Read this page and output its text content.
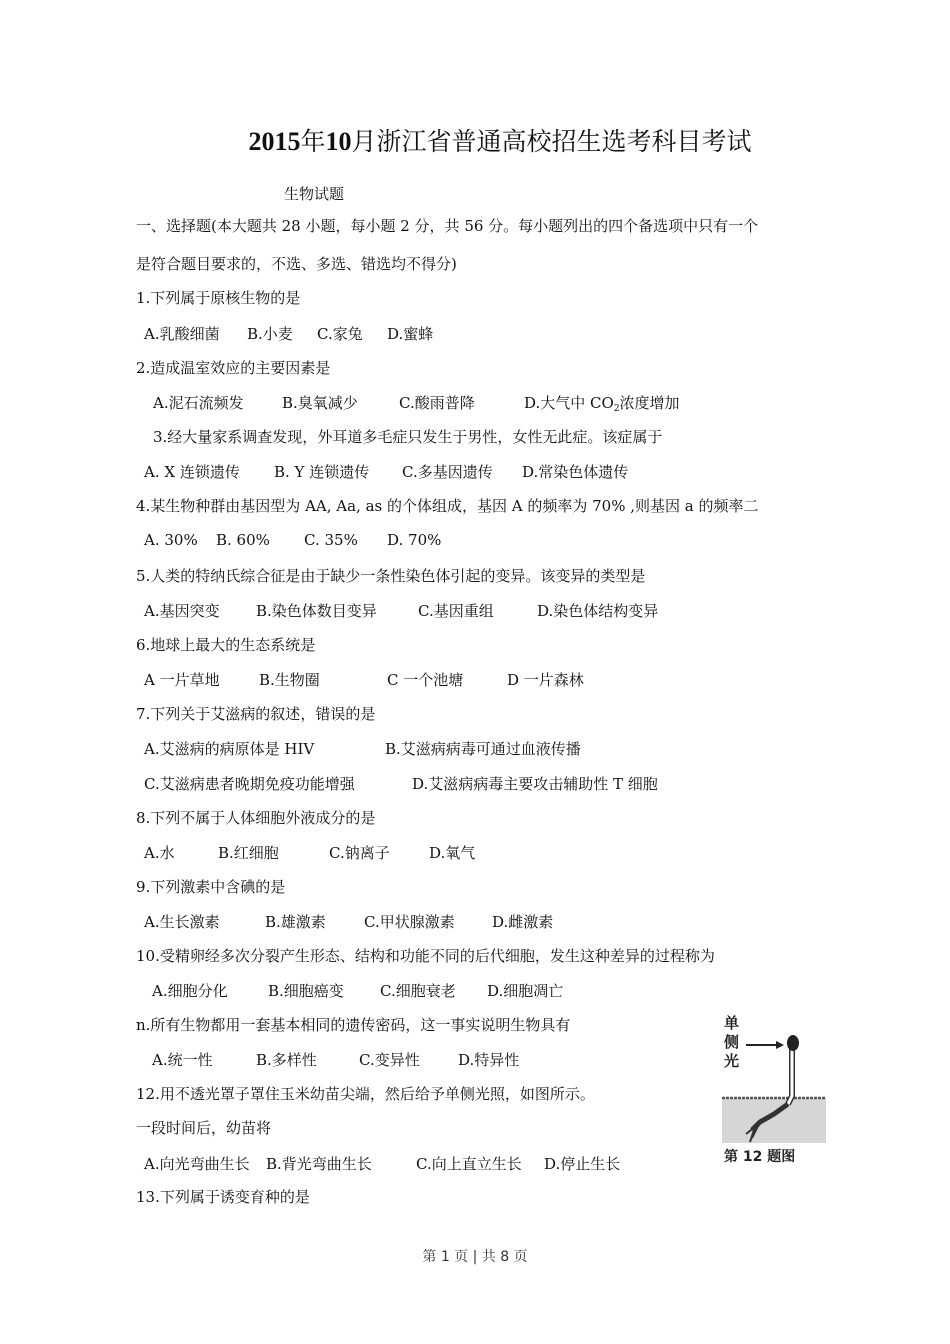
2015年10月浙江省普通高校招生选考科目考试
生物试题
一、选择题(本大题共 28 小题，每小题 2 分，共 56 分。每小题列出的四个备选项中只有一个
是符合题目要求的，不选、多选、错选均不得分)
1.下列属于原核生物的是
A.乳酸细菌 B.小麦 C.家兔 D.蜜蜂
2.造成温室效应的主要因素是
A.泥石流频发	B.臭氧减少	C.酸雨普降	D.大气中 $CO_2$浓度增加
3.经大量家系调查发现，外耳道多毛症只发生于男性，女性无此症。该症属于
A. X 连锁遗传 B. Y 连锁遗传 C.多基因遗传 D.常染色体遗传
4.某生物种群由基因型为 AA, Aa, as 的个体组成，基因 A 的频率为 70% ,则基因 a 的频率二
A. 30% B. 60% C. 35% D. 70%
5.人类的特纳氏综合征是由于缺少一条性染色体引起的变异。该变异的类型是
A.基因突变 B.染色体数目变异	C.基因重组	D.染色体结构变异
6.地球上最大的生态系统是
A 一片草地	B.生物圈	C 一个池塘	D 一片森林
7.下列关于艾滋病的叙述，错误的是
A.艾滋病的病原体是 HIV	B.艾滋病病毒可通过血液传播
C.艾滋病患者晚期免疫功能增强	D.艾滋病病毒主要攻击辅助性 T 细胞
8.下列不属于人体细胞外液成分的是
A.水	B.红细胞	C.钠离子	D.氧气
9.下列激素中含碘的是
A.生长激素	B.雄激素	C.甲状腺激素 D.雌激素
10.受精卵经多次分裂产生形态、结构和功能不同的后代细胞，发生这种差异的过程称为
A.细胞分化	B.细胞癌变 C.细胞衰老 D.细胞凋亡
n.所有生物都用一套基本相同的遗传密码，这一事实说明生物具有
A.统一性	B.多样性	C.变异性	D.特异性
12.用不透光罩子罩住玉米幼苗尖端，然后给予单侧光照，如图所示。
一段时间后，幼苗将
A.向光弯曲生长 B.背光弯曲生长	C.向上直立生长 D.停止生长
13.下列属于诱变育种的是
单
侧
光
第 12 题图
第 1 页 | 共 8 页
